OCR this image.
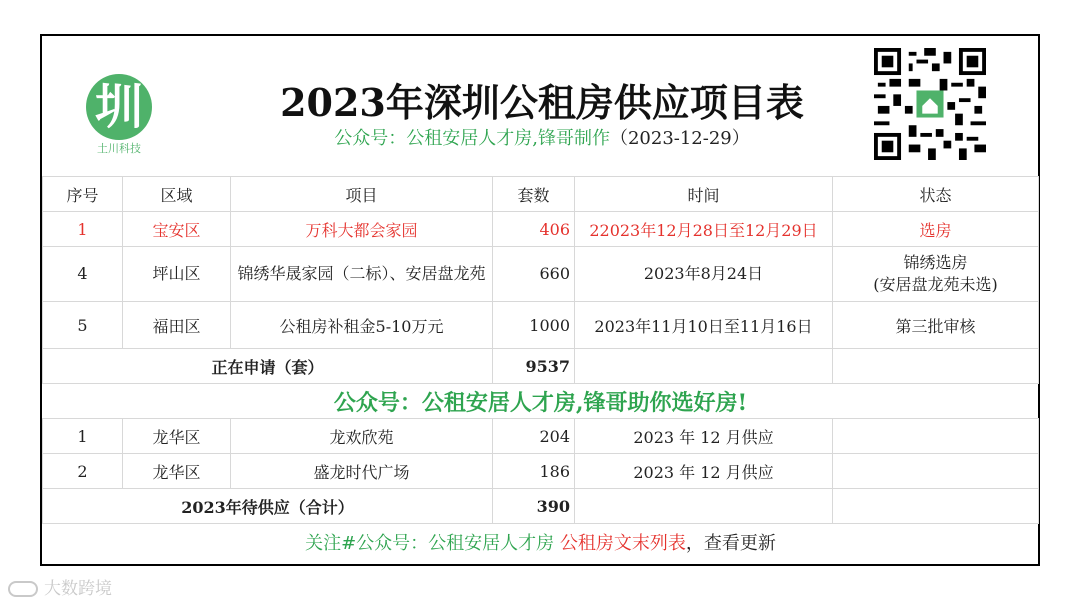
圳
土川科技
2023年深圳公租房供应项目表
公众号：公租安居人才房,锋哥制作（2023-12-29）
序号	区域	项目	套数	时间	状态
1	宝安区	万科大都会家园	406	22023年12月28日至12月29日	选房
4	坪山区	锦绣华晟家园（二标）、安居盘龙苑	660	2023年8月24日	锦绣选房
(安居盘龙苑未选)
5	福田区	公租房补租金5-10万元	1000	2023年11月10日至11月16日	第三批审核
正在申请（套）			9537		
公众号：公租安居人才房,锋哥助你选好房!					
1	龙华区	龙欢欣苑	204	2023 年 12 月供应	
2	龙华区	盛龙时代广场	186	2023 年 12 月供应	
2023年待供应（合计）			390		
关注#公众号：公租安居人才房 公租房文末列表，查看更新					
大数跨境
